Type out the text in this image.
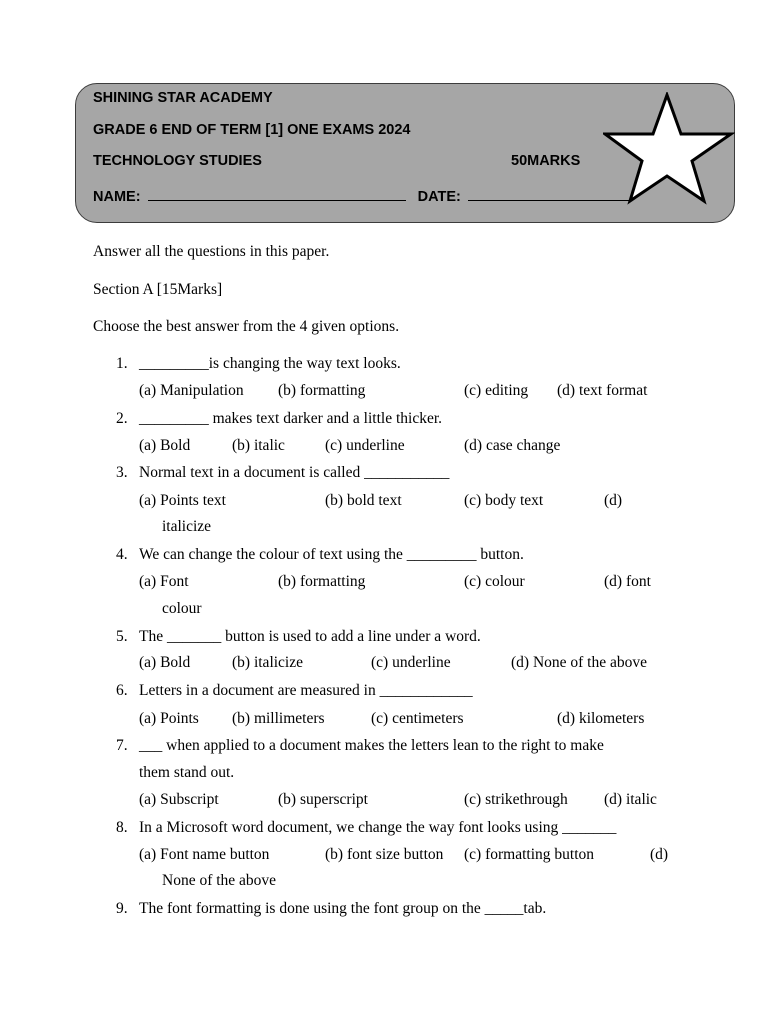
SHINING STAR ACADEMY
GRADE 6 END OF TERM [1] ONE EXAMS 2024
TECHNOLOGY STUDIES	50MARKS
NAME:	DATE:
Answer all the questions in this paper.
Section A [15Marks]
Choose the best answer from the 4 given options.
1. _________is changing the way text looks.
(a) Manipulation (b) formatting	(c) editing (d) text format
2. _________ makes text darker and a little thicker.
(a) Bold	(b) italic	(c) underline	(d) case change
3. Normal text in a document is called ___________
(a) Points text	(b) bold text	(c) body text	(d)
italicize
4. We can change the colour of text using the _________ button.
(a) Font	(b) formatting	(c) colour	(d) font
colour
5. The _______ button is used to add a line under a word.
(a) Bold	(b) italicize	(c) underline	(d) None of the above
6. Letters in a document are measured in ____________
(a) Points (b) millimeters	(c) centimeters	(d) kilometers
7. ___ when applied to a document makes the letters lean to the right to make
them stand out.
(a) Subscript	(b) superscript	(c) strikethrough (d) italic
8. In a Microsoft word document, we change the way font looks using _______
(a) Font name button	(b) font size button (c) formatting button	(d)
None of the above
9. The font formatting is done using the font group on the _____tab.
